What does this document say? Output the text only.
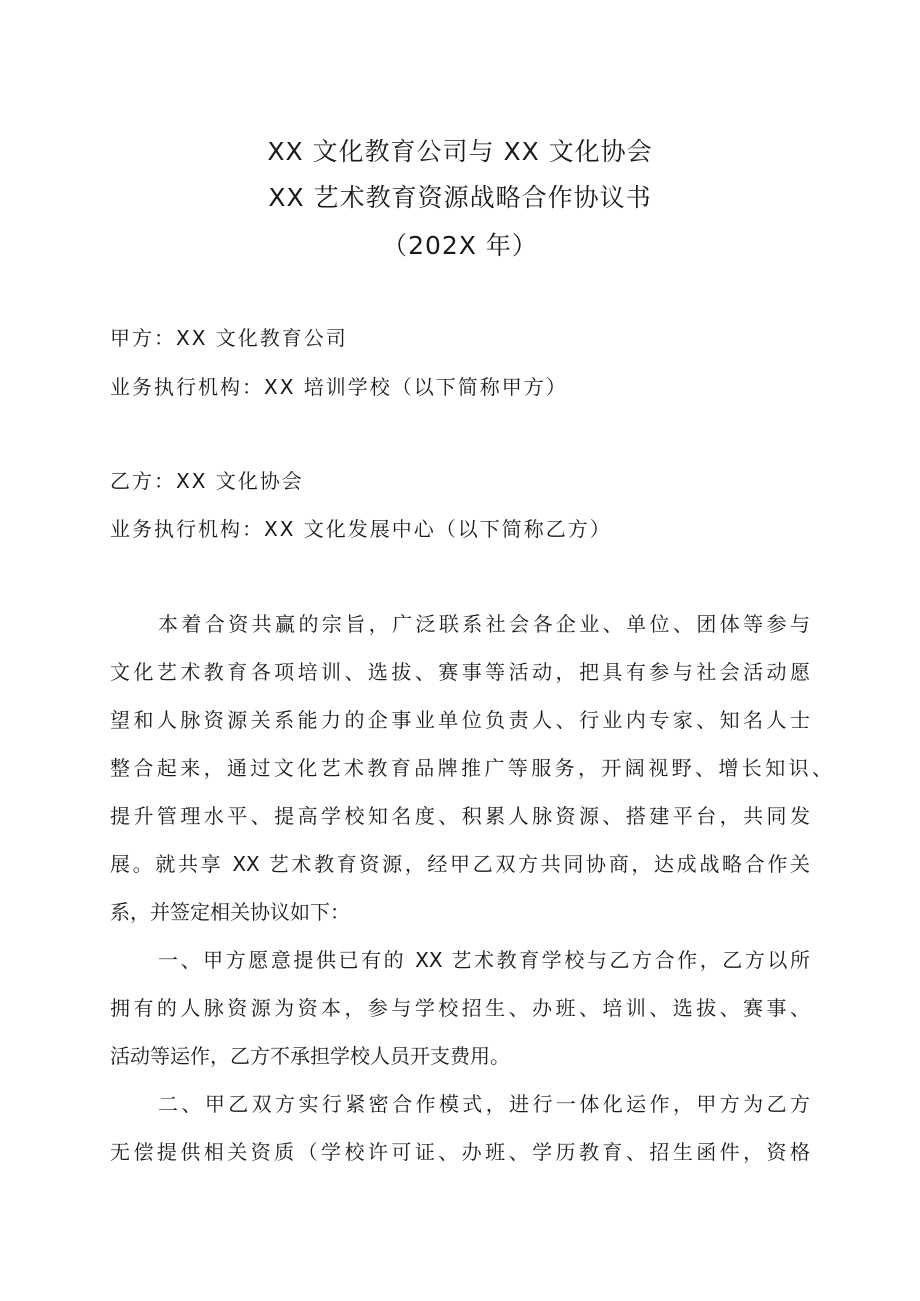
XX 文化教育公司与 XX 文化协会
XX 艺术教育资源战略合作协议书
（202X 年）
甲方：XX 文化教育公司
业务执行机构：XX 培训学校（以下简称甲方）
乙方：XX 文化协会
业务执行机构：XX 文化发展中心（以下简称乙方）
本着合资共赢的宗旨，广泛联系社会各企业、单位、团体等参与
文化艺术教育各项培训、选拔、赛事等活动，把具有参与社会活动愿
望和人脉资源关系能力的企事业单位负责人、行业内专家、知名人士
整合起来，通过文化艺术教育品牌推广等服务，开阔视野、增长知识、
提升管理水平、提高学校知名度、积累人脉资源、搭建平台，共同发
展。就共享 XX 艺术教育资源，经甲乙双方共同协商，达成战略合作关
系，并签定相关协议如下：
一、甲方愿意提供已有的 XX 艺术教育学校与乙方合作，乙方以所
拥有的人脉资源为资本，参与学校招生、办班、培训、选拔、赛事、
活动等运作，乙方不承担学校人员开支费用。
二、甲乙双方实行紧密合作模式，进行一体化运作，甲方为乙方
无偿提供相关资质（学校许可证、办班、学历教育、招生函件，资格
